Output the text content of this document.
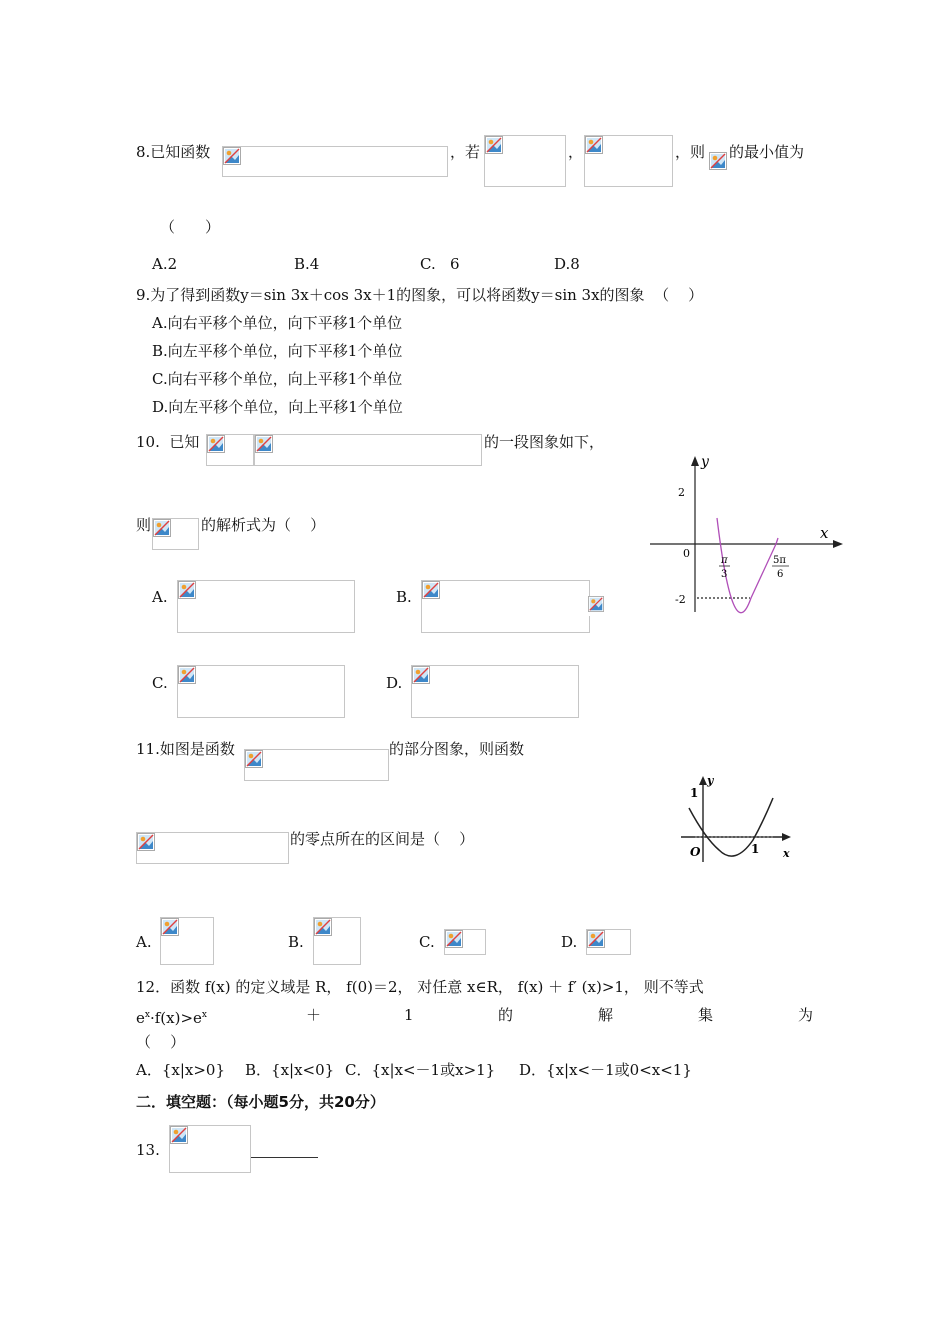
8.已知函数	，若	，	，则 的最小值为
（　　）
A.2	B.4	C.   6	D.8
9.为了得到函数y＝sin 3x＋cos 3x＋1的图象，可以将函数y＝sin 3x的图象  （    ）
A.向右平移个单位，向下平移1个单位
B.向左平移个单位，向下平移1个单位
C.向右平移个单位，向上平移1个单位
D.向左平移个单位，向上平移1个单位
10.  已知	的一段图象如下，
则	的解析式为（    ）
A.	B.
C.	D.
y
x
2
0
-2
π
3
5π
6
11.如图是函数	的部分图象，则函数
的零点所在的区间是（    ）
A.	B.	C.	D.
y
1
O	1 x
12．函数 f(x) 的定义域是 R， f(0)＝2， 对任意 x∈R， f(x) ＋ f′ (x)>1， 则不等式
$e^x\cdot f(x)>e^x$	＋	1	的	解	集	为
（    ）
A．{x|x>0} B．{x|x<0} C．{x|x<－1或x>1} D．{x|x<－1或0<x<1}
二．填空题：（每小题5分，共20分）
13.
